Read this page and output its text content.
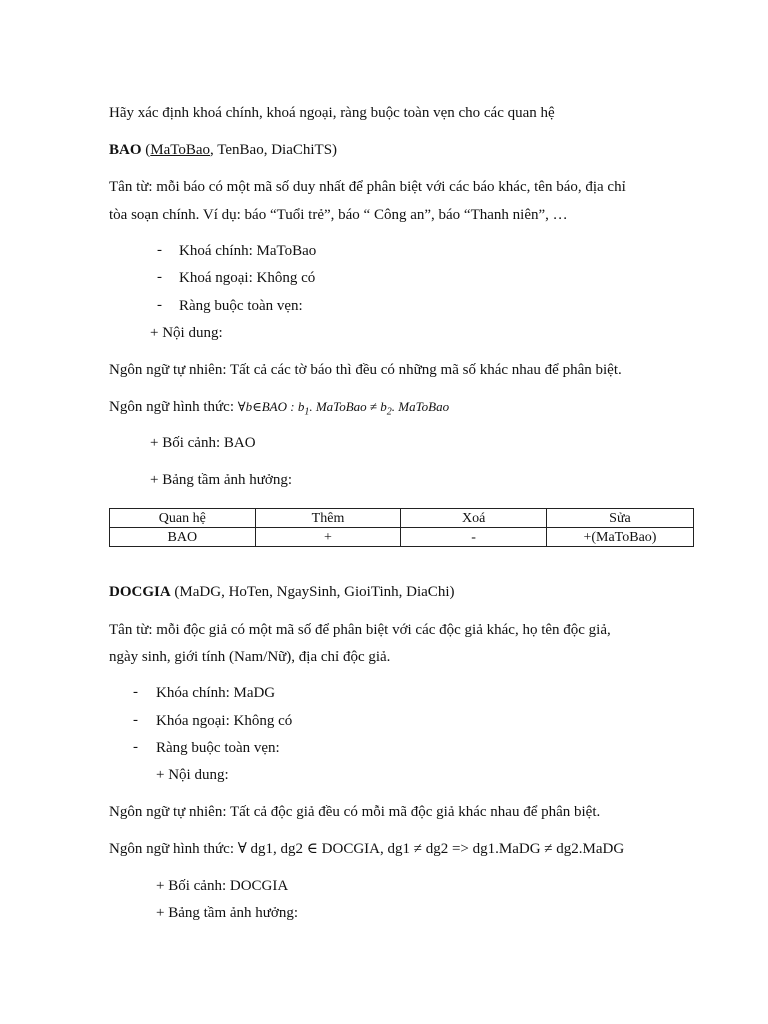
Hãy xác định khoá chính, khoá ngoại, ràng buộc toàn vẹn cho các quan hệ
BAO (MaToBao, TenBao, DiaChiTS)
Tân từ: mỗi báo có một mã số duy nhất để phân biệt với các báo khác, tên báo, địa chỉ
tòa soạn chính. Ví dụ: báo “Tuổi trẻ”, báo “ Công an”, báo “Thanh niên”, …
- Khoá chính: MaToBao
- Khoá ngoại: Không có
- Ràng buộc toàn vẹn:
+ Nội dung:
Ngôn ngữ tự nhiên: Tất cả các tờ báo thì đều có những mã số khác nhau để phân biệt.
Ngôn ngữ hình thức: ∀b∈BAO : $b_1$. MaToBao ≠ $b_2$. MaToBao
+ Bối cảnh: BAO
+ Bảng tầm ảnh hưởng:
Quan hệ	Thêm	Xoá	Sửa
BAO	+	-	+(MaToBao)
DOCGIA (MaDG, HoTen, NgaySinh, GioiTinh, DiaChi)
Tân từ: mỗi độc giả có một mã số để phân biệt với các độc giả khác, họ tên độc giả,
ngày sinh, giới tính (Nam/Nữ), địa chỉ độc giả.
- Khóa chính: MaDG
- Khóa ngoại: Không có
- Ràng buộc toàn vẹn:
+ Nội dung:
Ngôn ngữ tự nhiên: Tất cả độc giả đều có mỗi mã độc giả khác nhau để phân biệt.
Ngôn ngữ hình thức: ∀ dg1, dg2 ∈ DOCGIA, dg1 ≠ dg2 => dg1.MaDG ≠ dg2.MaDG
+ Bối cảnh: DOCGIA
+ Bảng tầm ảnh hưởng:
